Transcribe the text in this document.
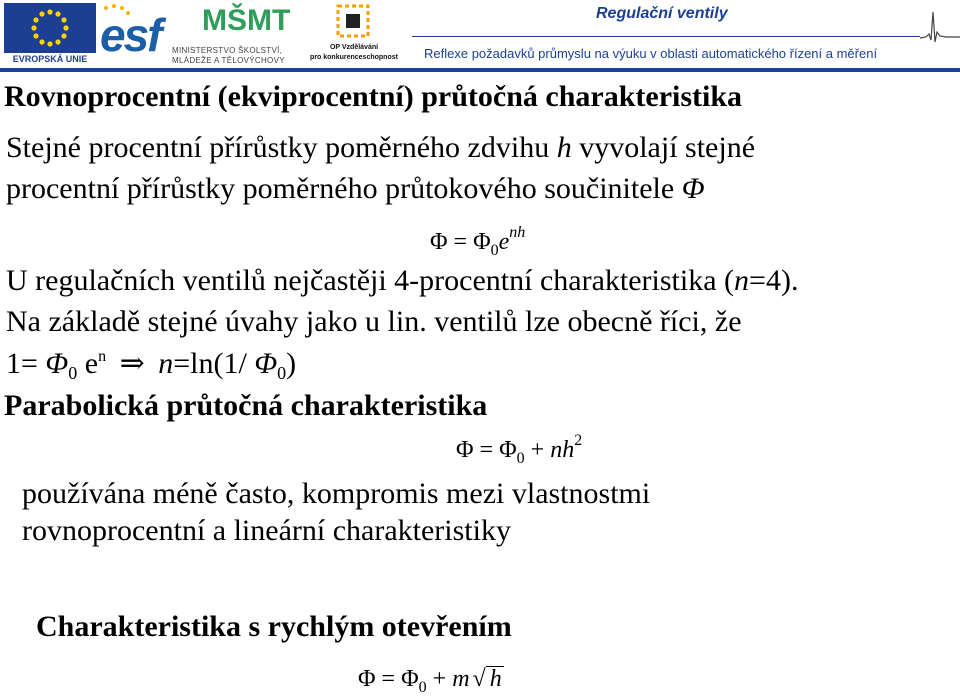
EVROPSKÁ UNIE esf MŠMT
MINISTERSTVO ŠKOLSTVÍ,
MLÁDEŽE A TĚLOVÝCHOVY
OP Vzdělávání
pro konkurenceschopnost
Regulační ventily
Reflexe požadavků průmyslu na výuku v oblasti automatického řízení a měření
Rovnoprocentní (ekviprocentní) průtočná charakteristika
Stejné procentní přírůstky poměrného zdvihu h vyvolají stejné
procentní přírůstky poměrného průtokového součinitele Φ
$\Phi = \Phi_0e^{nh}$
U regulačních ventilů nejčastěji 4-procentní charakteristika (n=4).
Na základě stejné úvahy jako u lin. ventilů lze obecně říci, že
$1= \Phi_0$ $e^n$ ⇒ n=ln(1/ $\Phi_0$)
Parabolická průtočná charakteristika
$\Phi = \Phi_0 + nh^2$
používána méně často, kompromis mezi vlastnostmi
rovnoprocentní a lineární charakteristiky
Charakteristika s rychlým otevřením
$\Phi = \Phi_0 + m$ √ h
